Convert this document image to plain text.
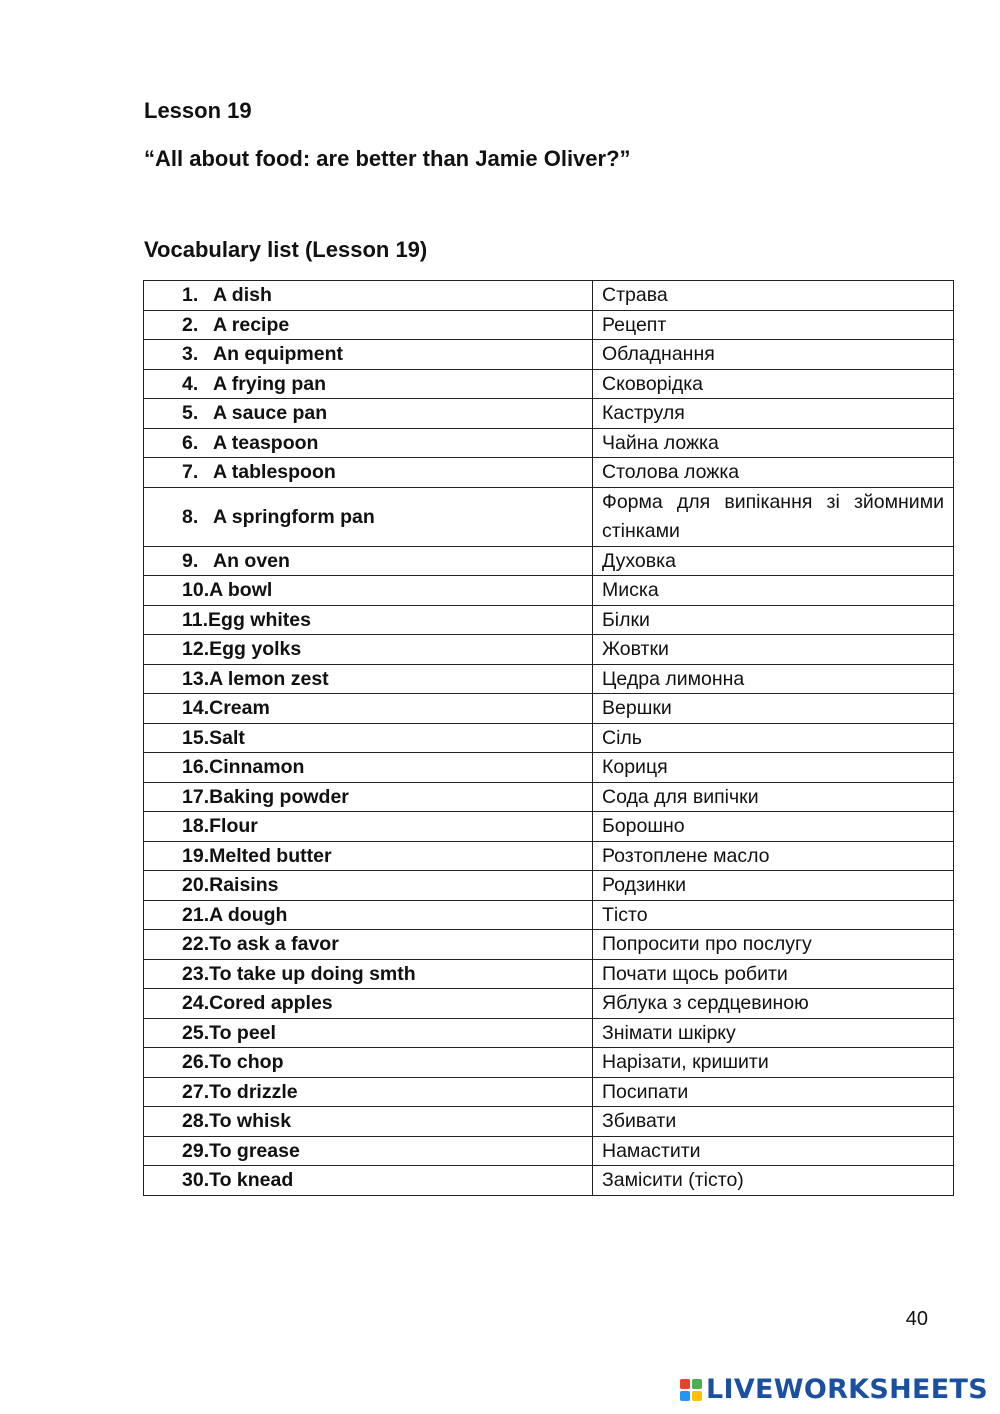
Lesson 19
“All about food: are better than Jamie Oliver?”
Vocabulary list (Lesson 19)
1. A dish	Страва
2. A recipe	Рецепт
3. An equipment	Обладнання
4. A frying pan	Сковорідка
5. A sauce pan	Каструля
6. A teaspoon	Чайна ложка
7. A tablespoon	Столова ложка
8. A springform pan	Форма для випікання зі зйомними стінками
9. An oven	Духовка
10.A bowl	Миска
11.Egg whites	Білки
12.Egg yolks	Жовтки
13.A lemon zest	Цедра лимонна
14.Cream	Вершки
15.Salt	Сіль
16.Cinnamon	Кориця
17.Baking powder	Сода для випічки
18.Flour	Борошно
19.Melted butter	Розтоплене масло
20.Raisins	Родзинки
21.A dough	Тісто
22.To ask a favor	Попросити про послугу
23.To take up doing smth	Почати щось робити
24.Cored apples	Яблука з сердцевиною
25.To peel	Знімати шкірку
26.To chop	Нарізати, кришити
27.To drizzle	Посипати
28.To whisk	Збивати
29.To grease	Намастити
30.To knead	Замісити (тісто)
40
LIVEWORKSHEETS
